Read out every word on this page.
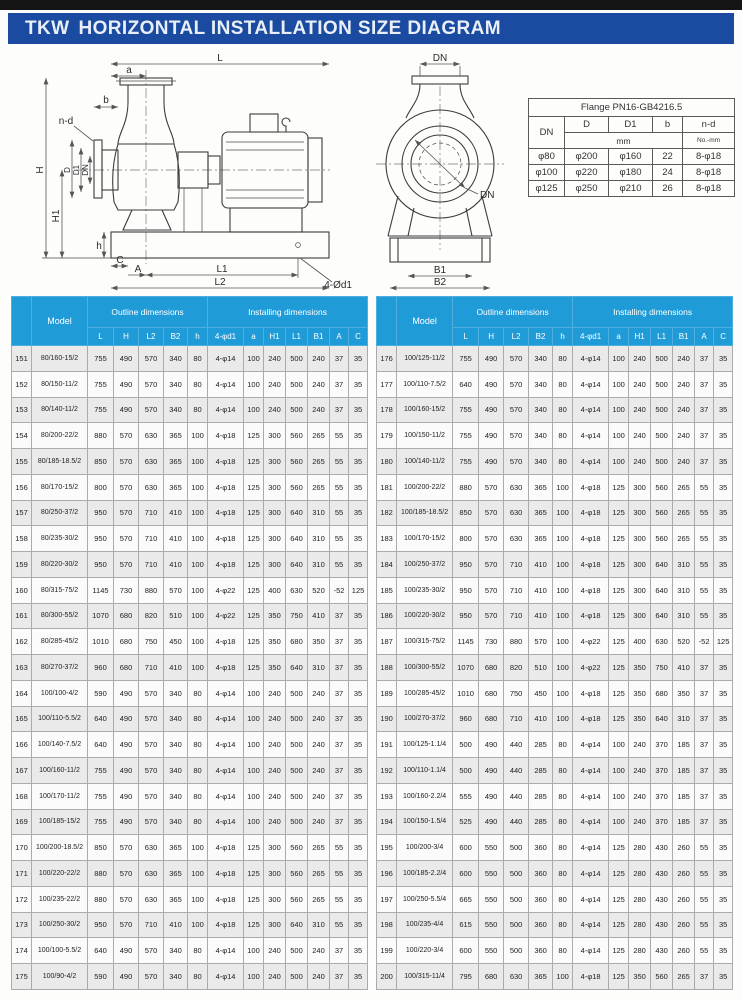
TKW HORIZONTAL INSTALLATION SIZE DIAGRAM
L
a
b
n-d
H
H1
D D1 DN
h
C
A	L1
L2	4-Ød1
DN
DN
B1
B2
Flange PN16-GB4216.5				
DN	D	D1	b	n-d
	mm			No.-mm
φ80	φ200	φ160	22	8-φ18
φ100	φ220	φ180	24	8-φ18
φ125	φ250	φ210	26	8-φ18
	Model	Outline dimensions					Installing dimensions						
		L	H	L2	B2	h	4-φd1	a	H1	L1	B1	A	C
151	80/160-15/2	755	490	570	340	80	4-φ14	100	240	500	240	37	35
152	80/150-11/2	755	490	570	340	80	4-φ14	100	240	500	240	37	35
153	80/140-11/2	755	490	570	340	80	4-φ14	100	240	500	240	37	35
154	80/200-22/2	880	570	630	365	100	4-φ18	125	300	560	265	55	35
155	80/185-18.5/2	850	570	630	365	100	4-φ18	125	300	560	265	55	35
156	80/170-15/2	800	570	630	365	100	4-φ18	125	300	560	265	55	35
157	80/250-37/2	950	570	710	410	100	4-φ18	125	300	640	310	55	35
158	80/235-30/2	950	570	710	410	100	4-φ18	125	300	640	310	55	35
159	80/220-30/2	950	570	710	410	100	4-φ18	125	300	640	310	55	35
160	80/315-75/2	1145	730	880	570	100	4-φ22	125	400	630	520	-52	125
161	80/300-55/2	1070	680	820	510	100	4-φ22	125	350	750	410	37	35
162	80/285-45/2	1010	680	750	450	100	4-φ18	125	350	680	350	37	35
163	80/270-37/2	960	680	710	410	100	4-φ18	125	350	640	310	37	35
164	100/100-4/2	590	490	570	340	80	4-φ14	100	240	500	240	37	35
165	100/110-5.5/2	640	490	570	340	80	4-φ14	100	240	500	240	37	35
166	100/140-7.5/2	640	490	570	340	80	4-φ14	100	240	500	240	37	35
167	100/160-11/2	755	490	570	340	80	4-φ14	100	240	500	240	37	35
168	100/170-11/2	755	490	570	340	80	4-φ14	100	240	500	240	37	35
169	100/185-15/2	755	490	570	340	80	4-φ14	100	240	500	240	37	35
170	100/200-18.5/2	850	570	630	365	100	4-φ18	125	300	560	265	55	35
171	100/220-22/2	880	570	630	365	100	4-φ18	125	300	560	265	55	35
172	100/235-22/2	880	570	630	365	100	4-φ18	125	300	560	265	55	35
173	100/250-30/2	950	570	710	410	100	4-φ18	125	300	640	310	55	35
174	100/100-5.5/2	640	490	570	340	80	4-φ14	100	240	500	240	37	35
175	100/90-4/2	590	490	570	340	80	4-φ14	100	240	500	240	37	35
	Model	Outline dimensions					Installing dimensions						
		L	H	L2	B2	h	4-φd1	a	H1	L1	B1	A	C
176	100/125-11/2	755	490	570	340	80	4-φ14	100	240	500	240	37	35
177	100/110-7.5/2	640	490	570	340	80	4-φ14	100	240	500	240	37	35
178	100/160-15/2	755	490	570	340	80	4-φ14	100	240	500	240	37	35
179	100/150-11/2	755	490	570	340	80	4-φ14	100	240	500	240	37	35
180	100/140-11/2	755	490	570	340	80	4-φ14	100	240	500	240	37	35
181	100/200-22/2	880	570	630	365	100	4-φ18	125	300	560	265	55	35
182	100/185-18.5/2	850	570	630	365	100	4-φ18	125	300	560	265	55	35
183	100/170-15/2	800	570	630	365	100	4-φ18	125	300	560	265	55	35
184	100/250-37/2	950	570	710	410	100	4-φ18	125	300	640	310	55	35
185	100/235-30/2	950	570	710	410	100	4-φ18	125	300	640	310	55	35
186	100/220-30/2	950	570	710	410	100	4-φ18	125	300	640	310	55	35
187	100/315-75/2	1145	730	880	570	100	4-φ22	125	400	630	520	-52	125
188	100/300-55/2	1070	680	820	510	100	4-φ22	125	350	750	410	37	35
189	100/285-45/2	1010	680	750	450	100	4-φ18	125	350	680	350	37	35
190	100/270-37/2	960	680	710	410	100	4-φ18	125	350	640	310	37	35
191	100/125-1.1/4	500	490	440	285	80	4-φ14	100	240	370	185	37	35
192	100/110-1.1/4	500	490	440	285	80	4-φ14	100	240	370	185	37	35
193	100/160-2.2/4	555	490	440	285	80	4-φ14	100	240	370	185	37	35
194	100/150-1.5/4	525	490	440	285	80	4-φ14	100	240	370	185	37	35
195	100/200-3/4	600	550	500	360	80	4-φ14	125	280	430	260	55	35
196	100/185-2.2/4	600	550	500	360	80	4-φ14	125	280	430	260	55	35
197	100/250-5.5/4	665	550	500	360	80	4-φ14	125	280	430	260	55	35
198	100/235-4/4	615	550	500	360	80	4-φ14	125	280	430	260	55	35
199	100/220-3/4	600	550	500	360	80	4-φ14	125	280	430	260	55	35
200	100/315-11/4	795	680	630	365	100	4-φ18	125	350	560	265	37	35
